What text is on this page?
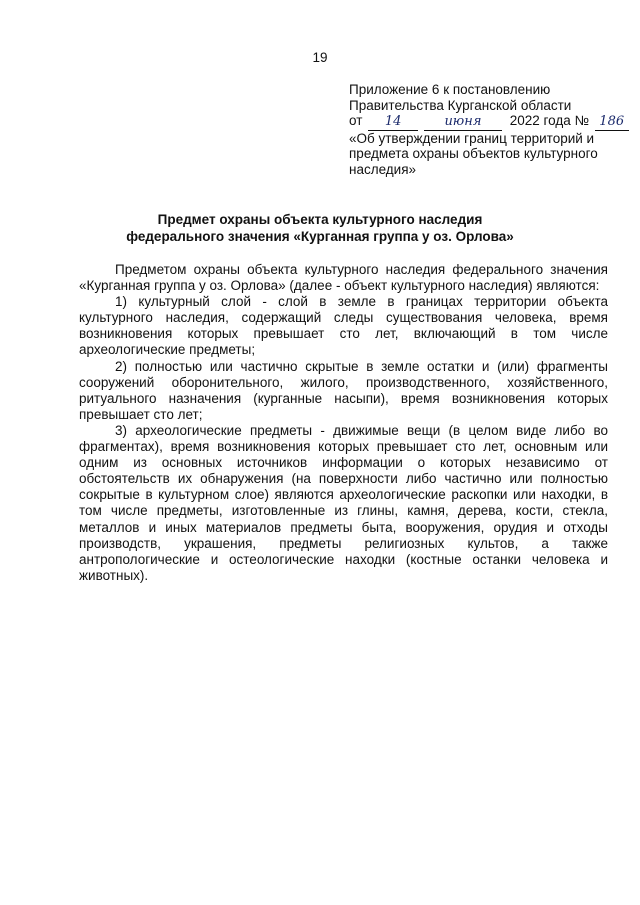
19
Приложение 6 к постановлению
Правительства Курганской области
от 14	июня 2022 года № 186
«Об утверждении границ территорий и
предмета охраны объектов культурного
наследия»
Предмет охраны объекта культурного наследия
федерального значения «Курганная группа у оз. Орлова»

Предметом охраны объекта культурного наследия федерального значения «Курганная группа у оз. Орлова» (далее - объект культурного наследия) являются:

1) культурный слой - слой в земле в границах территории объекта культурного наследия, содержащий следы существования человека, время возникновения которых превышает сто лет, включающий в том числе археологические предметы;

2) полностью или частично скрытые в земле остатки и (или) фрагменты сооружений оборонительного, жилого, производственного, хозяйственного, ритуального назначения (курганные насыпи), время возникновения которых превышает сто лет;

3) археологические предметы - движимые вещи (в целом виде либо во фрагментах), время возникновения которых превышает сто лет, основным или одним из основных источников информации о которых независимо от обстоятельств их обнаружения (на поверхности либо частично или полностью сокрытые в культурном слое) являются археологические раскопки или находки, в том числе предметы, изготовленные из глины, камня, дерева, кости, стекла, металлов и иных материалов предметы быта, вооружения, орудия и отходы производств, украшения, предметы религиозных культов, а также антропологические и остеологические находки (костные останки человека и животных).
